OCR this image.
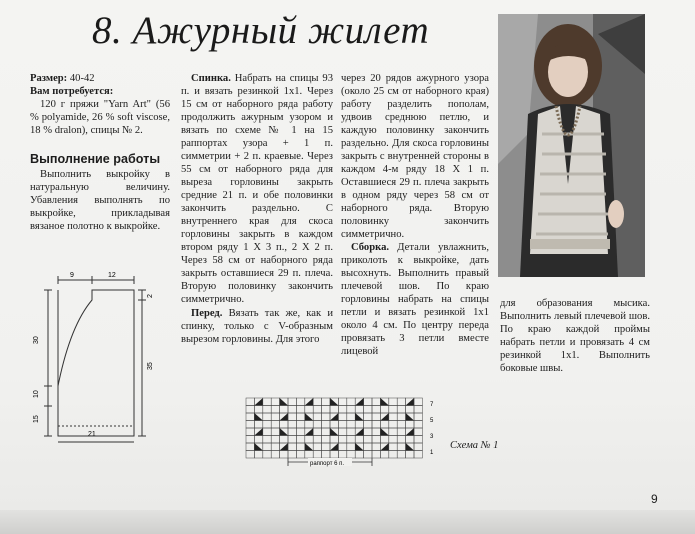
8. Ажурный жилет

Размер: 40-42

Вам потребуется:

120 г пряжи "Yarn Art" (56 % polyamide, 26 % soft viscose, 18 % dralon), спицы № 2.

Выполнение работы

Выполнить выкройку в натуральную величину. Убавления выполнять по выкройке, прикладывая вязаное полотно к выкройке.

Спинка. Набрать на спицы 93 п. и вязать резинкой 1x1. Через 15 см от наборного ряда работу продолжить ажурным узором и вязать по схеме № 1 на 15 раппортах узора + 1 п. симметрии + 2 п. краевые. Через 55 см от наборного ряда для выреза горловины закрыть средние 21 п. и обе половинки закончить раздельно. С внутреннего края для скоса горловины закрыть в каждом втором ряду 1 X 3 п., 2 X 2 п. Через 58 см от наборного ряда закрыть оставшиеся 29 п. плеча. Вторую половинку закончить симметрично.

Перед. Вязать так же, как и спинку, только с V-образным вырезом горловины. Для этого

через 20 рядов ажурного узора (около 25 см от наборного края) работу разделить пополам, удвоив среднюю петлю, и каждую половинку закончить раздельно. Для скоса горловины закрыть с внутренней стороны в каждом 4-м ряду 18 X 1 п. Оставшиеся 29 п. плеча закрыть в одном ряду через 58 см от наборного ряда. Вторую половинку закончить симметрично.

Сборка. Детали увлажнить, приколоть к выкройке, дать высохнуть. Выполнить правый плечевой шов. По краю горловины набрать на спицы петли и вязать резинкой 1x1 около 4 см. По центру переда провязать 3 петли вместе лицевой

для образования мысика. Выполнить левый плечевой шов. По краю каждой проймы набрать петли и провязать 4 см резинкой 1x1. Выполнить боковые швы.

9	12
30
10
15
2
35
21
7
5
3
1
раппорт 6 п.
Схема № 1
9
